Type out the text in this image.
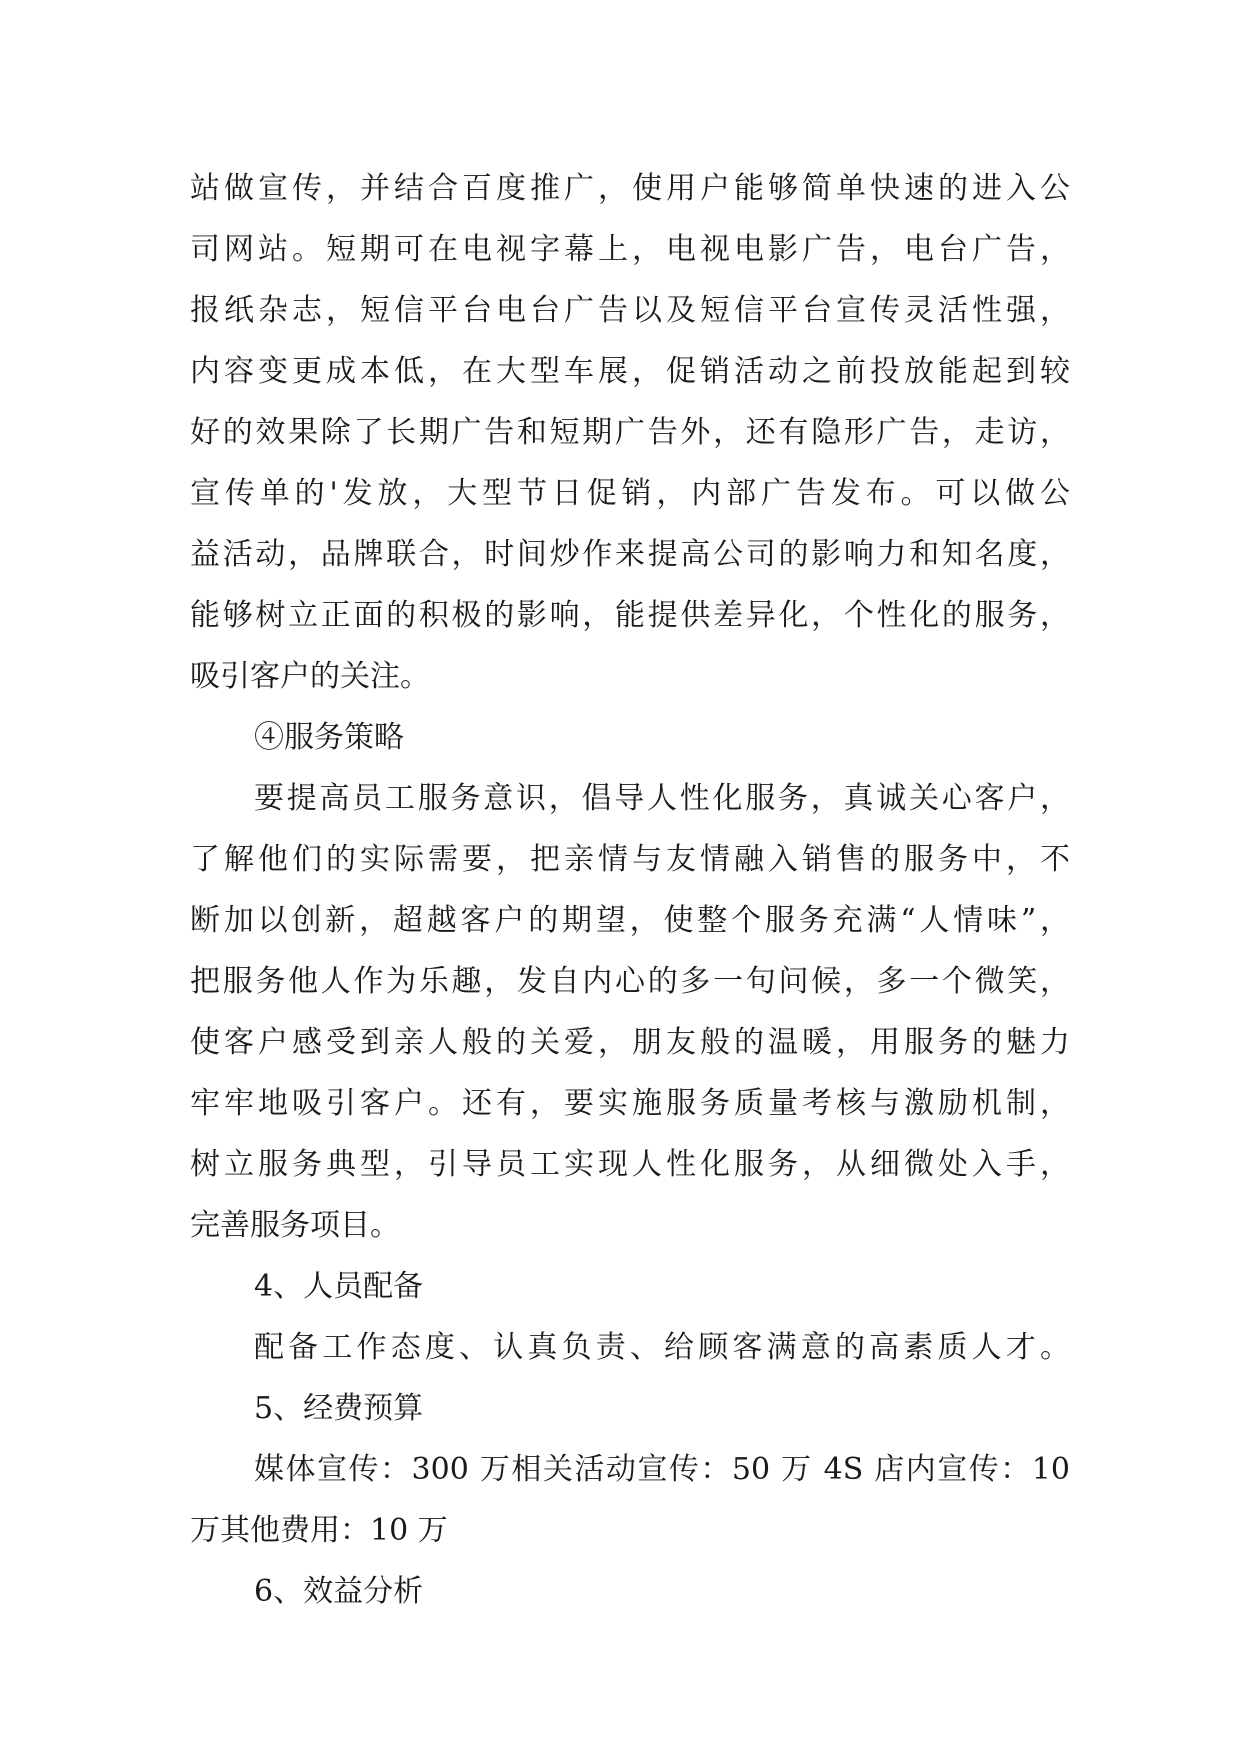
站做宣传，并结合百度推广，使用户能够简单快速的进入公
司网站。短期可在电视字幕上，电视电影广告，电台广告，
报纸杂志，短信平台电台广告以及短信平台宣传灵活性强，
内容变更成本低，在大型车展，促销活动之前投放能起到较
好的效果除了长期广告和短期广告外，还有隐形广告，走访，
宣传单的'发放，大型节日促销，内部广告发布。可以做公
益活动，品牌联合，时间炒作来提高公司的影响力和知名度，
能够树立正面的积极的影响，能提供差异化，个性化的服务，
吸引客户的关注。
④服务策略
要提高员工服务意识，倡导人性化服务，真诚关心客户，
了解他们的实际需要，把亲情与友情融入销售的服务中，不
断加以创新，超越客户的期望，使整个服务充满“人情味”，
把服务他人作为乐趣，发自内心的多一句问候，多一个微笑，
使客户感受到亲人般的关爱，朋友般的温暖，用服务的魅力
牢牢地吸引客户。还有，要实施服务质量考核与激励机制，
树立服务典型，引导员工实现人性化服务，从细微处入手，
完善服务项目。
4、人员配备
配备工作态度、认真负责、给顾客满意的高素质人才。
5、经费预算
媒体宣传：300 万相关活动宣传：50 万 4S 店内宣传：10
万其他费用：10 万
6、效益分析
